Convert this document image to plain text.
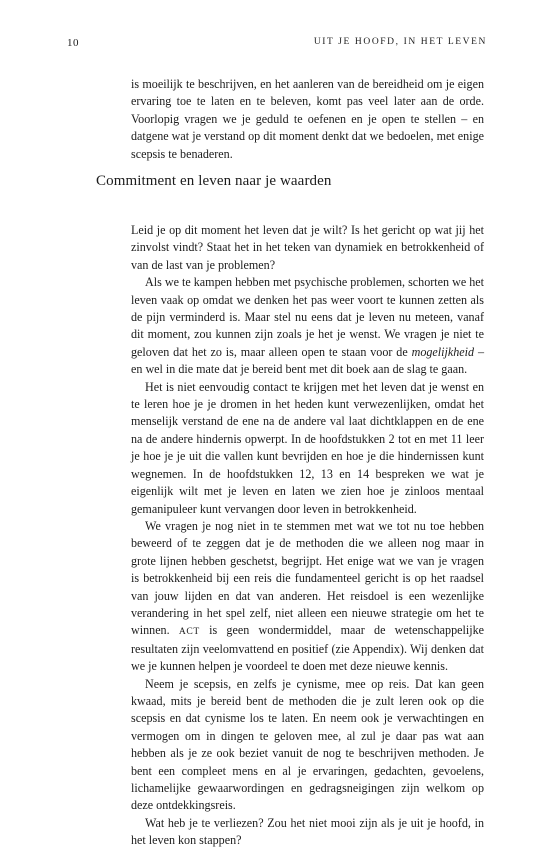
10	UIT JE HOOFD, IN HET LEVEN

is moeilijk te beschrijven, en het aanleren van de bereidheid om je eigen ervaring toe te laten en te beleven, komt pas veel later aan de orde. Voorlopig vragen we je geduld te oefenen en je open te stellen – en datgene wat je verstand op dit moment denkt dat we bedoelen, met enige scepsis te benaderen.

Commitment en leven naar je waarden

Leid je op dit moment het leven dat je wilt? Is het gericht op wat jij het zinvolst vindt? Staat het in het teken van dynamiek en betrokkenheid of van de last van je problemen?

Als we te kampen hebben met psychische problemen, schorten we het leven vaak op omdat we denken het pas weer voort te kunnen zetten als de pijn verminderd is. Maar stel nu eens dat je leven nu meteen, vanaf dit moment, zou kunnen zijn zoals je het je wenst. We vragen je niet te geloven dat het zo is, maar alleen open te staan voor de mogelijkheid – en wel in die mate dat je bereid bent met dit boek aan de slag te gaan.

Het is niet eenvoudig contact te krijgen met het leven dat je wenst en te leren hoe je je dromen in het heden kunt verwezenlijken, omdat het menselijk verstand de ene na de andere val laat dichtklappen en de ene na de andere hindernis opwerpt. In de hoofdstukken 2 tot en met 11 leer je hoe je je uit die vallen kunt bevrijden en hoe je die hindernissen kunt wegnemen. In de hoofdstukken 12, 13 en 14 bespreken we wat je eigenlijk wilt met je leven en laten we zien hoe je zinloos mentaal gemanipuleer kunt vervangen door leven in betrokkenheid.

We vragen je nog niet in te stemmen met wat we tot nu toe hebben beweerd of te zeggen dat je de methoden die we alleen nog maar in grote lijnen hebben geschetst, begrijpt. Het enige wat we van je vragen is betrokkenheid bij een reis die fundamenteel gericht is op het raadsel van jouw lijden en dat van anderen. Het reisdoel is een wezenlijke verandering in het spel zelf, niet alleen een nieuwe strategie om het te winnen. ACT is geen wondermiddel, maar de wetenschappelijke resultaten zijn veelomvattend en positief (zie Appendix). Wij denken dat we je kunnen helpen je voordeel te doen met deze nieuwe kennis.

Neem je scepsis, en zelfs je cynisme, mee op reis. Dat kan geen kwaad, mits je bereid bent de methoden die je zult leren ook op die scepsis en dat cynisme los te laten. En neem ook je verwachtingen en vermogen om in dingen te geloven mee, al zul je daar pas wat aan hebben als je ze ook beziet vanuit de nog te beschrijven methoden. Je bent een compleet mens en al je ervaringen, gedachten, gevoelens, lichamelijke gewaarwordingen en gedragsneigingen zijn welkom op deze ontdekkingsreis.

Wat heb je te verliezen? Zou het niet mooi zijn als je uit je hoofd, in het leven kon stappen?
